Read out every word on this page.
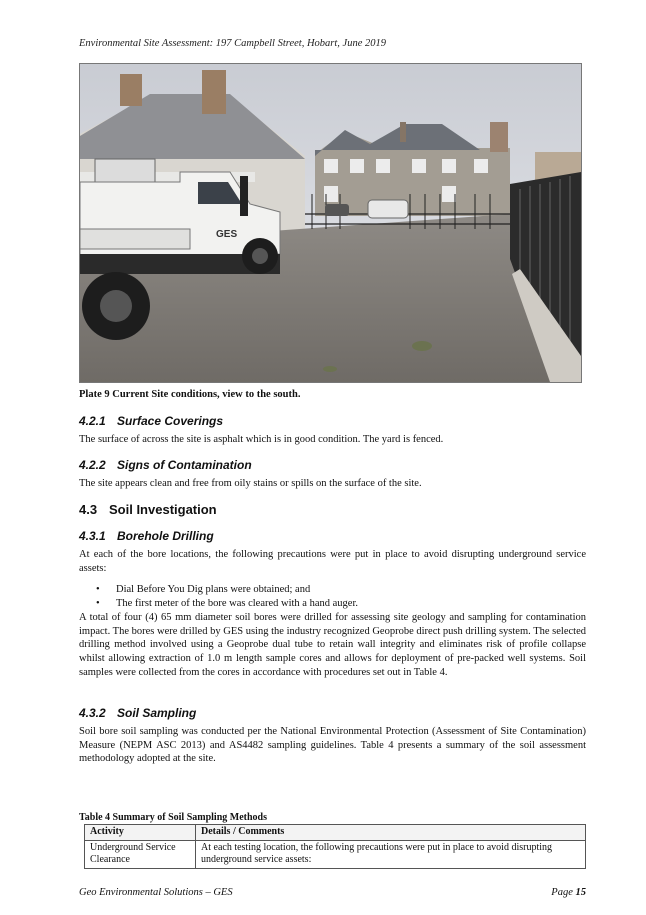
Environmental Site Assessment: 197 Campbell Street, Hobart, June 2019
GES
Plate 9 Current Site conditions, view to the south.
4.2.1 Surface Coverings
The surface of across the site is asphalt which is in good condition. The yard is fenced.
4.2.2 Signs of Contamination
The site appears clean and free from oily stains or spills on the surface of the site.
4.3 Soil Investigation
4.3.1 Borehole Drilling
At each of the bore locations, the following precautions were put in place to avoid disrupting underground service assets:
• Dial Before You Dig plans were obtained; and
• The first meter of the bore was cleared with a hand auger.
A total of four (4) 65 mm diameter soil bores were drilled for assessing site geology and sampling for contamination impact. The bores were drilled by GES using the industry recognized Geoprobe direct push drilling system. The selected drilling method involved using a Geoprobe dual tube to retain wall integrity and eliminates risk of profile collapse whilst allowing extraction of 1.0 m length sample cores and allows for deployment of pre-packed well systems. Soil samples were collected from the cores in accordance with procedures set out in Table 4.
4.3.2 Soil Sampling
Soil bore soil sampling was conducted per the National Environmental Protection (Assessment of Site Contamination) Measure (NEPM ASC 2013) and AS4482 sampling guidelines. Table 4 presents a summary of the soil assessment methodology adopted at the site.
Table 4 Summary of Soil Sampling Methods
Activity	Details / Comments
Underground Service Clearance	At each testing location, the following precautions were put in place to avoid disrupting underground service assets:
Geo Environmental Solutions – GES	Page 15
